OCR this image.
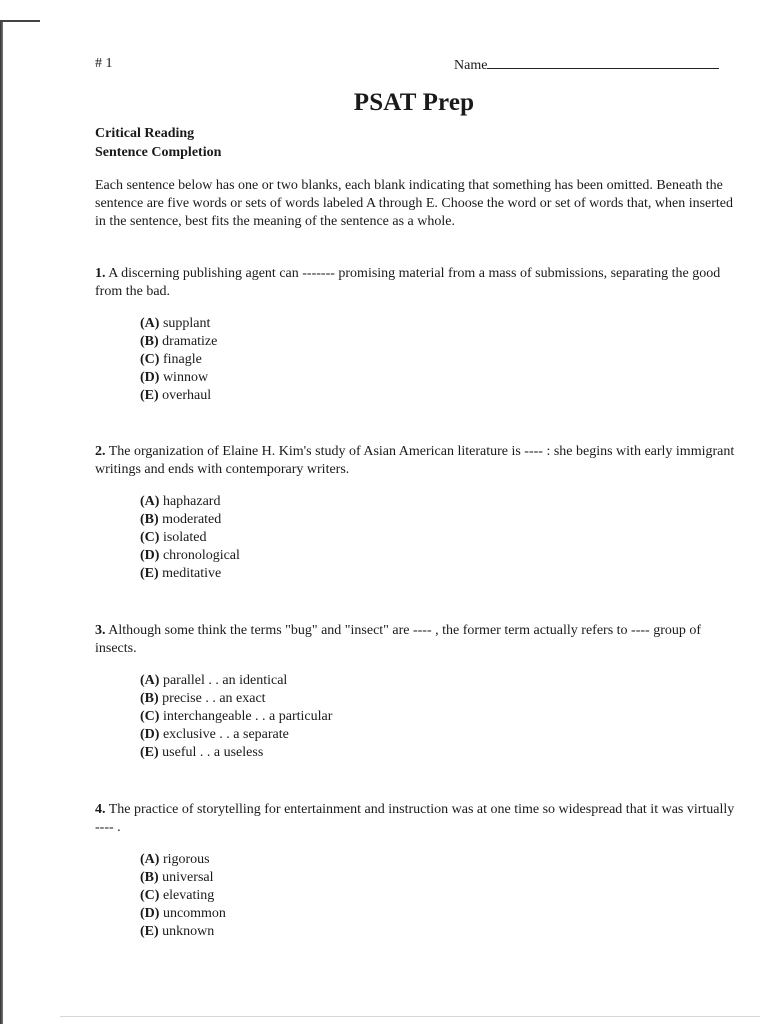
# 1	Name
PSAT Prep
Critical Reading
Sentence Completion
Each sentence below has one or two blanks, each blank indicating that something has been omitted. Beneath the sentence are five words or sets of words labeled A through E. Choose the word or set of words that, when inserted in the sentence, best fits the meaning of the sentence as a whole.
1. A discerning publishing agent can ------- promising material from a mass of submissions, separating the good from the bad.
(A) supplant
(B) dramatize
(C) finagle
(D) winnow
(E) overhaul
2. The organization of Elaine H. Kim's study of Asian American literature is ---- : she begins with early immigrant writings and ends with contemporary writers.
(A) haphazard
(B) moderated
(C) isolated
(D) chronological
(E) meditative
3. Although some think the terms "bug" and "insect" are ---- , the former term actually refers to ---- group of insects.
(A) parallel . . an identical
(B) precise . . an exact
(C) interchangeable . . a particular
(D) exclusive . . a separate
(E) useful . . a useless
4. The practice of storytelling for entertainment and instruction was at one time so widespread that it was virtually ---- .
(A) rigorous
(B) universal
(C) elevating
(D) uncommon
(E) unknown
